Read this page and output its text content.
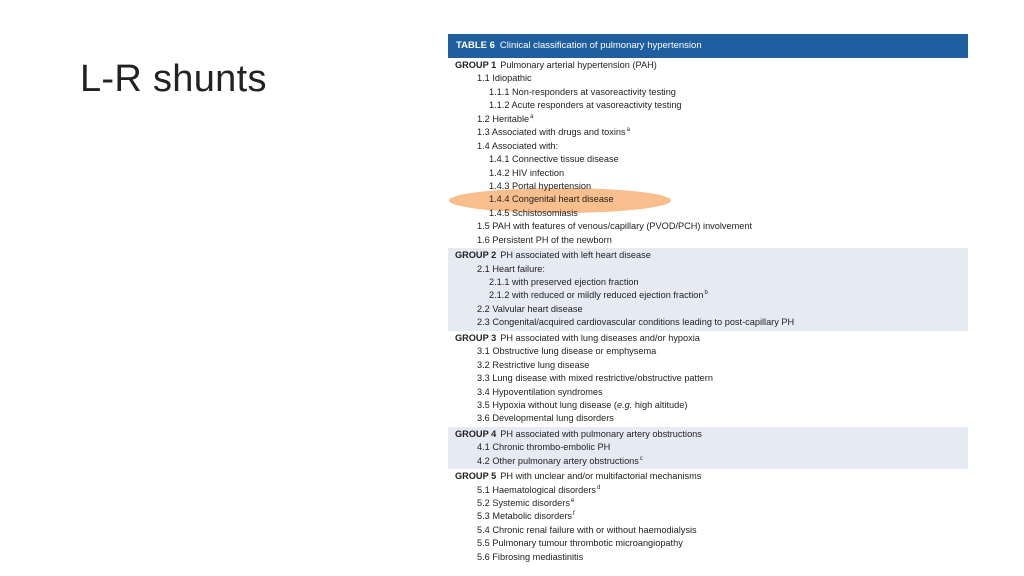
L-R shunts
TABLE 6 Clinical classification of pulmonary hypertension
GROUP 1 Pulmonary arterial hypertension (PAH)
1.1 Idiopathic
1.1.1 Non-responders at vasoreactivity testing
1.1.2 Acute responders at vasoreactivity testing
1.2 Heritable$^a$
1.3 Associated with drugs and toxins$^a$
1.4 Associated with:
1.4.1 Connective tissue disease
1.4.2 HIV infection
1.4.3 Portal hypertension
1.4.4 Congenital heart disease
1.4.5 Schistosomiasis
1.5 PAH with features of venous/capillary (PVOD/PCH) involvement
1.6 Persistent PH of the newborn
GROUP 2 PH associated with left heart disease
2.1 Heart failure:
2.1.1 with preserved ejection fraction
2.1.2 with reduced or mildly reduced ejection fraction$^b$
2.2 Valvular heart disease
2.3 Congenital/acquired cardiovascular conditions leading to post-capillary PH
GROUP 3 PH associated with lung diseases and/or hypoxia
3.1 Obstructive lung disease or emphysema
3.2 Restrictive lung disease
3.3 Lung disease with mixed restrictive/obstructive pattern
3.4 Hypoventilation syndromes
3.5 Hypoxia without lung disease (e.g. high altitude)
3.6 Developmental lung disorders
GROUP 4 PH associated with pulmonary artery obstructions
4.1 Chronic thrombo-embolic PH
4.2 Other pulmonary artery obstructions$^c$
GROUP 5 PH with unclear and/or multifactorial mechanisms
5.1 Haematological disorders$^d$
5.2 Systemic disorders$^e$
5.3 Metabolic disorders$^f$
5.4 Chronic renal failure with or without haemodialysis
5.5 Pulmonary tumour thrombotic microangiopathy
5.6 Fibrosing mediastinitis
